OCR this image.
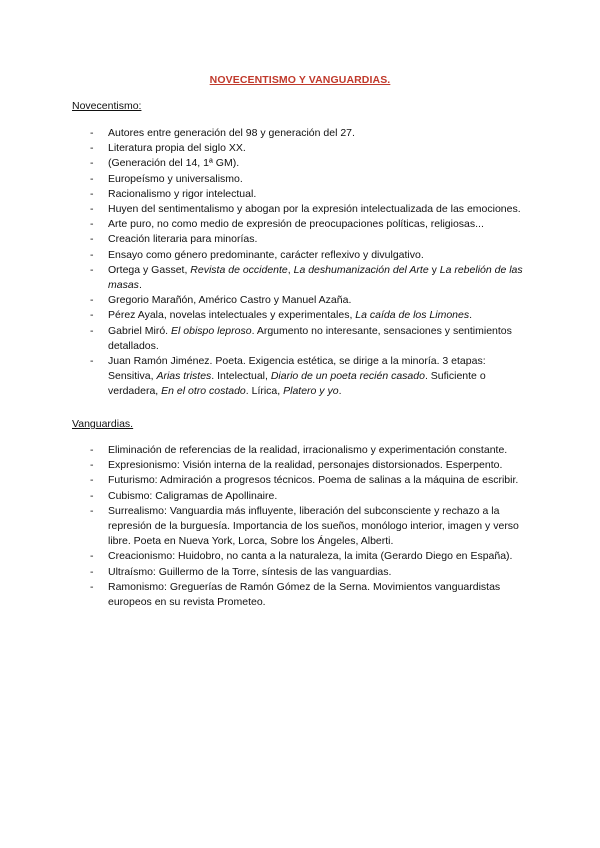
NOVECENTISMO Y VANGUARDIAS.
Novecentismo:
- Autores entre generación del 98 y generación del 27.
- Literatura propia del siglo XX.
- (Generación del 14, 1ª GM).
- Europeísmo y universalismo.
- Racionalismo y rigor intelectual.
- Huyen del sentimentalismo y abogan por la expresión intelectualizada de las emociones.
- Arte puro, no como medio de expresión de preocupaciones políticas, religiosas...
- Creación literaria para minorías.
- Ensayo como género predominante, carácter reflexivo y divulgativo.
- Ortega y Gasset, Revista de occidente, La deshumanización del Arte y La rebelión de las masas.
- Gregorio Marañón, Américo Castro y Manuel Azaña.
- Pérez Ayala, novelas intelectuales y experimentales, La caída de los Limones.
- Gabriel Miró. El obispo leproso. Argumento no interesante, sensaciones y sentimientos detallados.
- Juan Ramón Jiménez. Poeta. Exigencia estética, se dirige a la minoría. 3 etapas: Sensitiva, Arias tristes. Intelectual, Diario de un poeta recién casado. Suficiente o verdadera, En el otro costado. Lírica, Platero y yo.
Vanguardias.
- Eliminación de referencias de la realidad, irracionalismo y experimentación constante.
- Expresionismo: Visión interna de la realidad, personajes distorsionados. Esperpento.
- Futurismo: Admiración a progresos técnicos. Poema de salinas a la máquina de escribir.
- Cubismo: Caligramas de Apollinaire.
- Surrealismo: Vanguardia más influyente, liberación del subconsciente y rechazo a la represión de la burguesía. Importancia de los sueños, monólogo interior, imagen y verso libre. Poeta en Nueva York, Lorca, Sobre los Ángeles, Alberti.
- Creacionismo: Huidobro, no canta a la naturaleza, la imita (Gerardo Diego en España).
- Ultraísmo: Guillermo de la Torre, síntesis de las vanguardias.
- Ramonismo: Greguerías de Ramón Gómez de la Serna. Movimientos vanguardistas europeos en su revista Prometeo.
